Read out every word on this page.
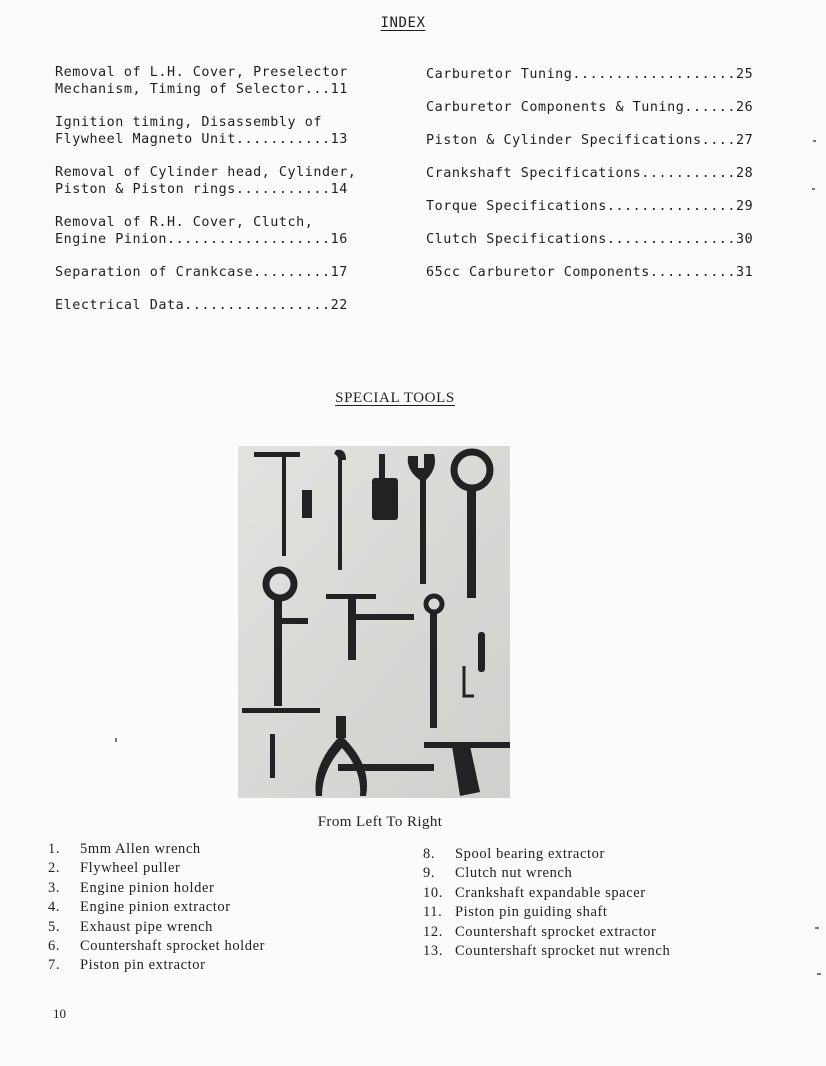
INDEX
Removal of L.H. Cover, Preselector
Mechanism, Timing of Selector...11
Ignition timing, Disassembly of
Flywheel Magneto Unit...........13
Removal of Cylinder head, Cylinder,
Piston & Piston rings...........14
Removal of R.H. Cover, Clutch,
Engine Pinion...................16
Separation of Crankcase.........17
Electrical Data.................22
Carburetor Tuning...................25
Carburetor Components & Tuning......26
Piston & Cylinder Specifications....27
Crankshaft Specifications...........28
Torque Specifications...............29
Clutch Specifications...............30
65cc Carburetor Components..........31
SPECIAL TOOLS
From Left To Right
1. 5mm Allen wrench
2. Flywheel puller
3. Engine pinion holder
4. Engine pinion extractor
5. Exhaust pipe wrench
6. Countershaft sprocket holder
7. Piston pin extractor
8. Spool bearing extractor
9. Clutch nut wrench
10. Crankshaft expandable spacer
11. Piston pin guiding shaft
12. Countershaft sprocket extractor
13. Countershaft sprocket nut wrench
10
